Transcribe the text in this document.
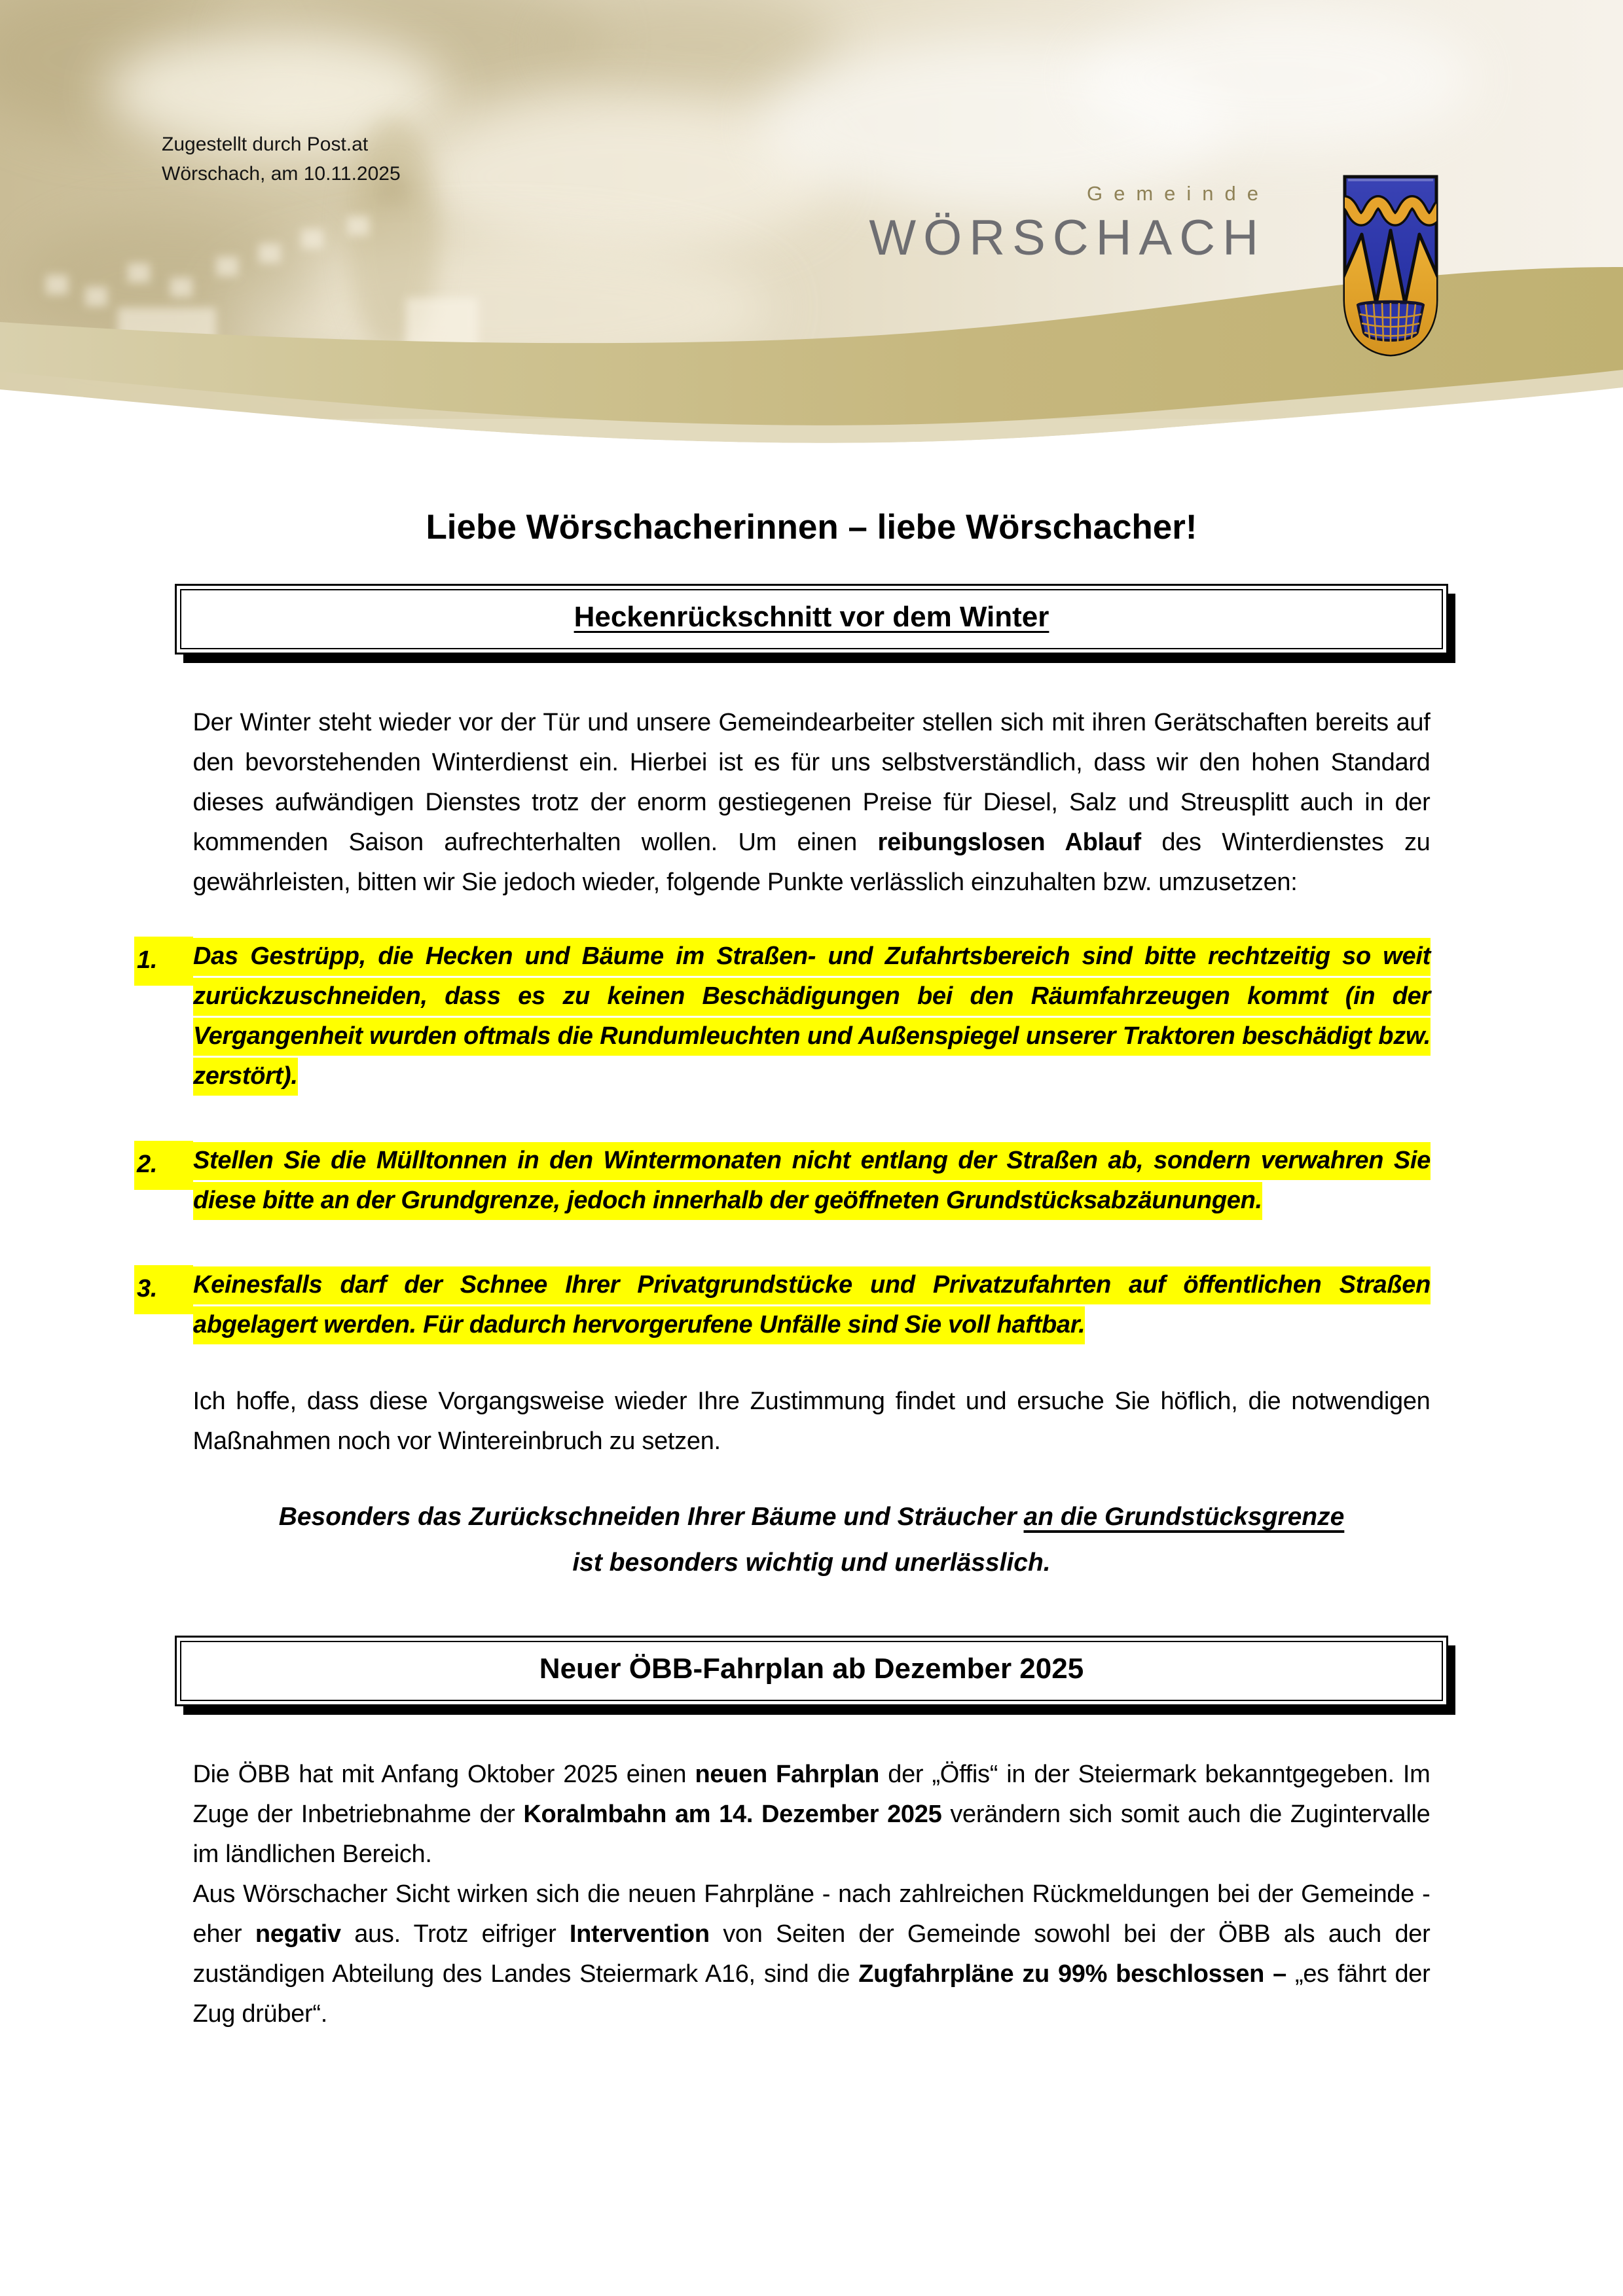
Zugestellt durch Post.at
Wörschach, am 10.11.2025
Gemeinde
WÖRSCHACH
Liebe Wörschacherinnen – liebe Wörschacher!
Heckenrückschnitt vor dem Winter
Der Winter steht wieder vor der Tür und unsere Gemeindearbeiter stellen sich mit ihren Gerätschaften bereits auf den bevorstehenden Winterdienst ein. Hierbei ist es für uns selbstverständlich, dass wir den hohen Standard dieses aufwändigen Dienstes trotz der enorm gestiegenen Preise für Diesel, Salz und Streusplitt auch in der kommenden Saison aufrechterhalten wollen. Um einen reibungslosen Ablauf des Winterdienstes zu gewährleisten, bitten wir Sie jedoch wieder, folgende Punkte verlässlich einzuhalten bzw. umzusetzen:
1.	Das Gestrüpp, die Hecken und Bäume im Straßen- und Zufahrtsbereich sind bitte rechtzeitig so weit zurückzuschneiden, dass es zu keinen Beschädigungen bei den Räumfahrzeugen kommt (in der Vergangenheit wurden oftmals die Rundumleuchten und Außenspiegel unserer Traktoren beschädigt bzw. zerstört).
2.	Stellen Sie die Mülltonnen in den Wintermonaten nicht entlang der Straßen ab, sondern verwahren Sie diese bitte an der Grundgrenze, jedoch innerhalb der geöffneten Grundstücksabzäunungen.
3.	Keinesfalls darf der Schnee Ihrer Privatgrundstücke und Privatzufahrten auf öffentlichen Straßen abgelagert werden. Für dadurch hervorgerufene Unfälle sind Sie voll haftbar.
Ich hoffe, dass diese Vorgangsweise wieder Ihre Zustimmung findet und ersuche Sie höflich, die notwendigen Maßnahmen noch vor Wintereinbruch zu setzen.
Besonders das Zurückschneiden Ihrer Bäume und Sträucher an die Grundstücksgrenze
ist besonders wichtig und unerlässlich.
Neuer ÖBB-Fahrplan ab Dezember 2025

Die ÖBB hat mit Anfang Oktober 2025 einen neuen Fahrplan der „Öffis“ in der Steiermark bekanntgegeben. Im Zuge der Inbetriebnahme der Koralmbahn am 14. Dezember 2025 verändern sich somit auch die Zugintervalle im ländlichen Bereich.

Aus Wörschacher Sicht wirken sich die neuen Fahrpläne - nach zahlreichen Rückmeldungen bei der Gemeinde - eher negativ aus. Trotz eifriger Intervention von Seiten der Gemeinde sowohl bei der ÖBB als auch der zuständigen Abteilung des Landes Steiermark A16, sind die Zugfahrpläne zu 99% beschlossen – „es fährt der Zug drüber“.
